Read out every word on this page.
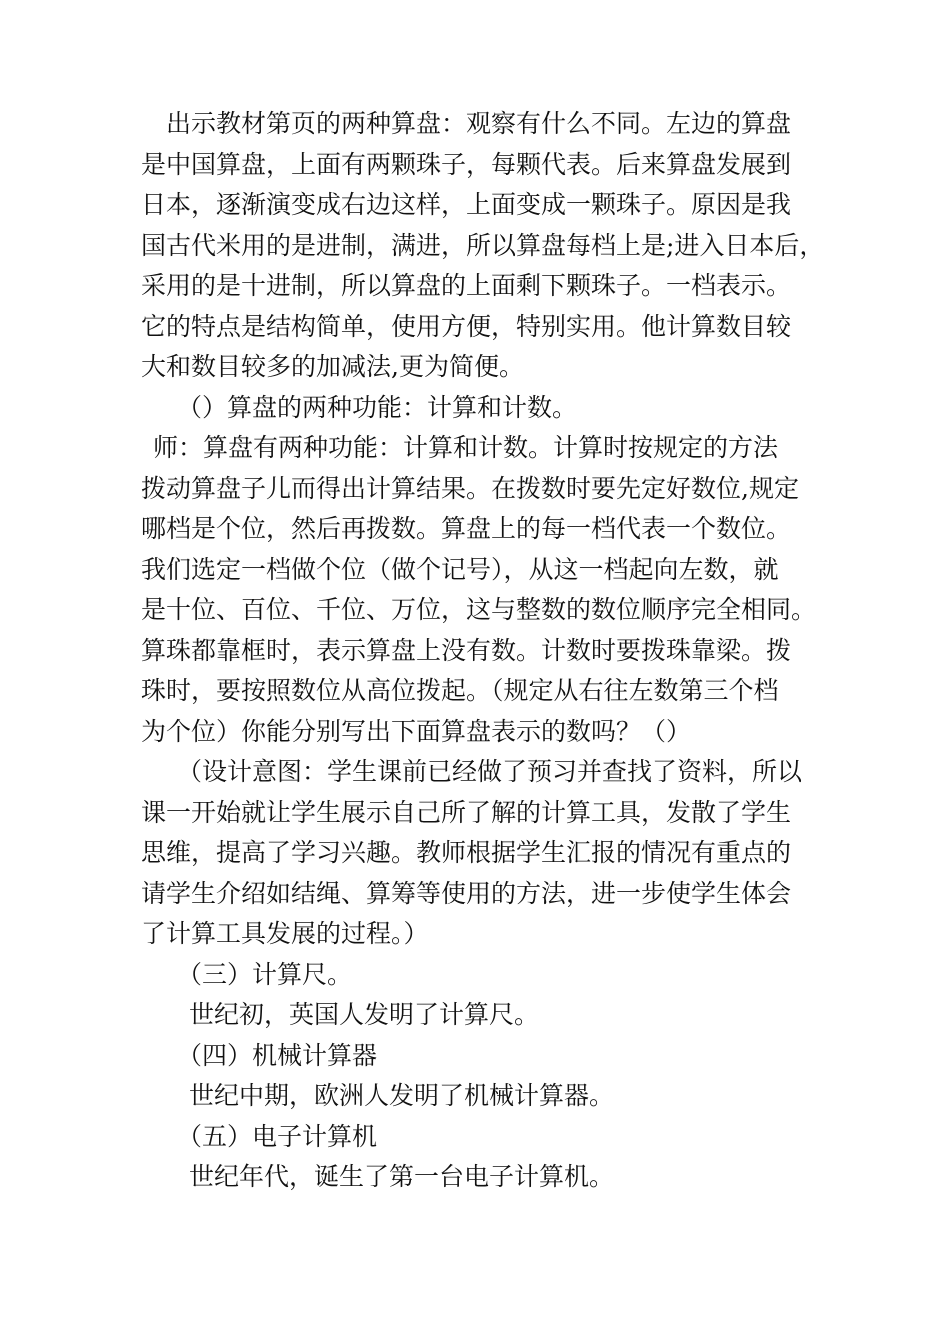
出示教材第页的两种算盘：观察有什么不同。左边的算盘
是中国算盘，上面有两颗珠子，每颗代表。后来算盘发展到
日本，逐渐演变成右边这样，上面变成一颗珠子。原因是我
国古代米用的是进制，满进，所以算盘每档上是;进入日本后，
采用的是十进制，所以算盘的上面剩下颗珠子。一档表示。
它的特点是结构简单，使用方便，特别实用。他计算数目较
大和数目较多的加减法,更为简便。
（）算盘的两种功能：计算和计数。
师：算盘有两种功能：计算和计数。计算时按规定的方法
拨动算盘子儿而得出计算结果。在拨数时要先定好数位,规定
哪档是个位，然后再拨数。算盘上的每一档代表一个数位。
我们选定一档做个位（做个记号），从这一档起向左数，就
是十位、百位、千位、万位，这与整数的数位顺序完全相同。
算珠都靠框时，表示算盘上没有数。计数时要拨珠靠梁。拨
珠时，要按照数位从高位拨起。（规定从右往左数第三个档
为个位）你能分别写出下面算盘表示的数吗？（）
（设计意图：学生课前已经做了预习并查找了资料，所以
课一开始就让学生展示自己所了解的计算工具，发散了学生
思维，提高了学习兴趣。教师根据学生汇报的情况有重点的
请学生介绍如结绳、算筹等使用的方法，进一步使学生体会
了计算工具发展的过程。）
（三）计算尺。
世纪初，英国人发明了计算尺。
（四）机械计算器
世纪中期，欧洲人发明了机械计算器。
（五）电子计算机
世纪年代，诞生了第一台电子计算机。
